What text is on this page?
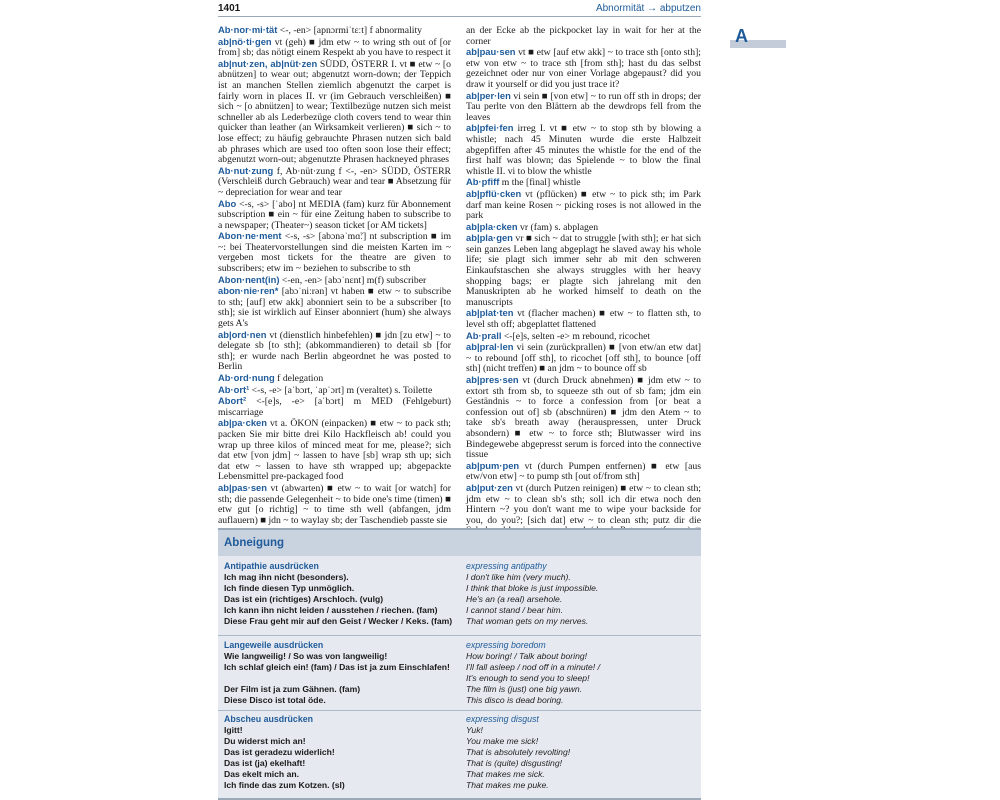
1401	Abnormität → abputzen
A

Ab·nor·mi·tät <-, -en> [apnɔrmiˈtɛːt] f abnormality

ab|nö·ti·gen vt (geh) ■ jdm etw ~ to wring sth out of [or from] sb; das nötigt einem Respekt ab you have to respect it

ab|nut·zen, ab|nüt·zen SÜDD, ÖSTERR I. vt ■ etw ~ [o abnützen] to wear out; abgenutzt worn-down; der Teppich ist an manchen Stellen ziemlich abgenutzt the carpet is fairly worn in places II. vr (im Gebrauch verschleißen) ■ sich ~ [o abnützen] to wear; Textilbezüge nutzen sich meist schneller ab als Lederbezüge cloth covers tend to wear thin quicker than leather (an Wirksamkeit verlieren) ■ sich ~ to lose effect; zu häufig gebrauchte Phrasen nutzen sich bald ab phrases which are used too often soon lose their effect; abgenutzt worn-out; abgenutzte Phrasen hackneyed phrases

Ab·nut·zung f, Ab·nüt·zung f <-, -en> SÜDD, ÖSTERR (Verschleiß durch Gebrauch) wear and tear ■ Absetzung für ~ depreciation for wear and tear

Abo <-s, -s> [ˈabo] nt MEDIA (fam) kurz für Abonnement subscription ■ ein ~ für eine Zeitung haben to subscribe to a newspaper; (Theater~) season ticket [or AM tickets]

Abon·ne·ment <-s, -s> [abɔnəˈmɑ̃ː] nt subscription ■ im ~: bei Theatervorstellungen sind die meisten Karten im ~ vergeben most tickets for the theatre are given to subscribers; etw im ~ beziehen to subscribe to sth

Abon·nent(in) <-en, -en> [abɔˈnɛnt] m(f) subscriber

abon·nie·ren* [abɔˈniːrən] vt haben ■ etw ~ to subscribe to sth; [auf] etw akk] abonniert sein to be a subscriber [to sth]; sie ist wirklich auf Einser abonniert (hum) she always gets A's

ab|ord·nen vt (dienstlich hinbefehlen) ■ jdn [zu etw] ~ to delegate sb [to sth]; (abkommandieren) to detail sb [for sth]; er wurde nach Berlin abgeordnet he was posted to Berlin

Ab·ord·nung f delegation

Ab·ort¹ <-s, -e> [aˈbɔrt, ˈapˈɔrt] m (veraltet) s. Toilette

Abort² <-[e]s, -e> [aˈbɔrt] m MED (Fehlgeburt) miscarriage

ab|pa·cken vt a. ÖKON (einpacken) ■ etw ~ to pack sth; packen Sie mir bitte drei Kilo Hackfleisch ab! could you wrap up three kilos of minced meat for me, please?; sich dat etw [von jdm] ~ lassen to have [sb] wrap sth up; sich dat etw ~ lassen to have sth wrapped up; abgepackte Lebensmittel pre-packaged food

ab|pas·sen vt (abwarten) ■ etw ~ to wait [or watch] for sth; die passende Gelegenheit ~ to bide one's time (timen) ■ etw gut [o richtig] ~ to time sth well (abfangen, jdm auflauern) ■ jdn ~ to waylay sb; der Taschendieb passte sie

an der Ecke ab the pickpocket lay in wait for her at the corner

ab|pau·sen vt ■ etw [auf etw akk] ~ to trace sth [onto sth]; etw von etw ~ to trace sth [from sth]; hast du das selbst gezeichnet oder nur von einer Vorlage abgepaust? did you draw it yourself or did you just trace it?

ab|per·len vi sein ■ [von etw] ~ to run off sth in drops; der Tau perlte von den Blättern ab the dewdrops fell from the leaves

ab|pfei·fen irreg I. vt ■ etw ~ to stop sth by blowing a whistle; nach 45 Minuten wurde die erste Halbzeit abgepfiffen after 45 minutes the whistle for the end of the first half was blown; das Spielende ~ to blow the final whistle II. vi to blow the whistle

Ab·pfiff m the [final] whistle

ab|pflü·cken vt (pflücken) ■ etw ~ to pick sth; im Park darf man keine Rosen ~ picking roses is not allowed in the park

ab|pla·cken vr (fam) s. abplagen

ab|pla·gen vr ■ sich ~ dat to struggle [with sth]; er hat sich sein ganzes Leben lang abgeplagt he slaved away his whole life; sie plagt sich immer sehr ab mit den schweren Einkaufstaschen she always struggles with her heavy shopping bags; er plagte sich jahrelang mit den Manuskripten ab he worked himself to death on the manuscripts

ab|plat·ten vt (flacher machen) ■ etw ~ to flatten sth, to level sth off; abgeplattet flattened

Ab·prall <-[e]s, selten -e> m rebound, ricochet

ab|pral·len vi sein (zurückprallen) ■ [von etw/an etw dat] ~ to rebound [off sth], to ricochet [off sth], to bounce [off sth] (nicht treffen) ■ an jdm ~ to bounce off sb

ab|pres·sen vt (durch Druck abnehmen) ■ jdm etw ~ to extort sth from sb, to squeeze sth out of sb fam; jdm ein Geständnis ~ to force a confession from [or beat a confession out of] sb (abschnüren) ■ jdm den Atem ~ to take sb's breath away (herauspressen, unter Druck absondern) ■ etw ~ to force sth; Blutwasser wird ins Bindegewebe abgepresst serum is forced into the connective tissue

ab|pum·pen vt (durch Pumpen entfernen) ■ etw [aus etw/von etw] ~ to pump sth [out of/from sth]

ab|put·zen vt (durch Putzen reinigen) ■ etw ~ to clean sth; jdm etw ~ to clean sb's sth; soll ich dir etwa noch den Hintern ~? you don't want me to wipe your backside for you, do you?; [sich dat] etw ~ to clean sth; putz dir die

Abneigung
Antipathie ausdrücken	expressing antipathy
Ich mag ihn nicht (besonders).	I don't like him (very much).
Ich finde diesen Typ unmöglich.	I think that bloke is just impossible.
Das ist ein (richtiges) Arschloch. (vulg)	He's an (a real) arsehole.
Ich kann ihn nicht leiden / ausstehen / riechen. (fam)	I cannot stand / bear him.
Diese Frau geht mir auf den Geist / Wecker / Keks. (fam)	That woman gets on my nerves.
Langeweile ausdrücken	expressing boredom
Wie langweilig! / So was von langweilig!	How boring! / Talk about boring!
Ich schlaf gleich ein! (fam) / Das ist ja zum Einschlafen!	I'll fall asleep / nod off in a minute! /
It's enough to send you to sleep!
Der Film ist ja zum Gähnen. (fam)	The film is (just) one big yawn.
Diese Disco ist total öde.	This disco is dead boring.
Abscheu ausdrücken	expressing disgust
Igitt!	Yuk!
Du widerst mich an!	You make me sick!
Das ist geradezu widerlich!	That is absolutely revolting!
Das ist (ja) ekelhaft!	That is (quite) disgusting!
Das ekelt mich an.	That makes me sick.
Ich finde das zum Kotzen. (sl)	That makes me puke.
